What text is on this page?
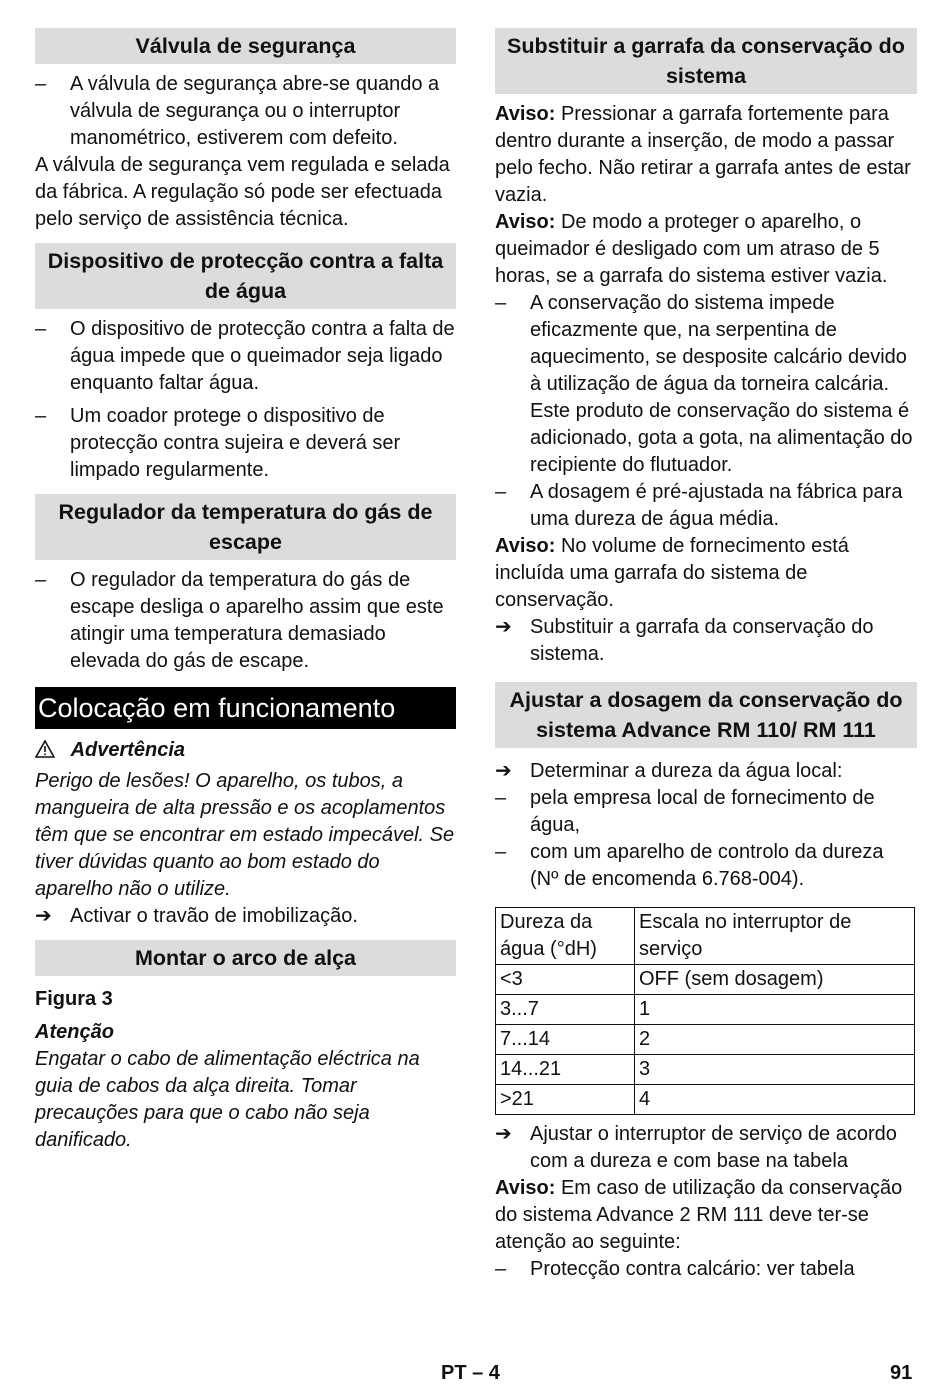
Válvula de segurança
–	A válvula de segurança abre-se quando a válvula de segurança ou o interruptor manométrico, estiverem com defeito.

A válvula de segurança vem regulada e selada da fábrica. A regulação só pode ser efectuada pelo serviço de assistência técnica.

Dispositivo de protecção contra a falta de água
–	O dispositivo de protecção contra a falta de água impede que o queimador seja ligado enquanto faltar água.
–	Um coador protege o dispositivo de protecção contra sujeira e deverá ser limpado regularmente.
Regulador da temperatura do gás de escape
–	O regulador da temperatura do gás de escape desliga o aparelho assim que este atingir uma temperatura demasiado elevada do gás de escape.
Colocação em funcionamento
Advertência

Perigo de lesões! O aparelho, os tubos, a mangueira de alta pressão e os acoplamentos têm que se encontrar em estado impecável. Se tiver dúvidas quanto ao bom estado do aparelho não o utilize.

➔ Activar o travão de imobilização.
Montar o arco de alça

Figura 3

Atenção

Engatar o cabo de alimentação eléctrica na guia de cabos da alça direita. Tomar precauções para que o cabo não seja danificado.

Substituir a garrafa da conservação do sistema

Aviso: Pressionar a garrafa fortemente para dentro durante a inserção, de modo a passar pelo fecho. Não retirar a garrafa antes de estar vazia.

Aviso: De modo a proteger o aparelho, o queimador é desligado com um atraso de 5 horas, se a garrafa do sistema estiver vazia.

–	A conservação do sistema impede eficazmente que, na serpentina de aquecimento, se desposite calcário devido à utilização de água da torneira calcária. Este produto de conservação do sistema é adicionado, gota a gota, na alimentação do recipiente do flutuador.
–	A dosagem é pré-ajustada na fábrica para uma dureza de água média.

Aviso: No volume de fornecimento está incluída uma garrafa do sistema de conservação.

➔ Substituir a garrafa da conservação do sistema.
Ajustar a dosagem da conservação do sistema Advance RM 110/ RM 111
➔ Determinar a dureza da água local:
–	pela empresa local de fornecimento de água,
–	com um aparelho de controlo da dureza (Nº de encomenda 6.768-004).
Dureza da água (°dH)	Escala no interruptor de serviço
<3	OFF (sem dosagem)
3...7	1
7...14	2
14...21	3
>21	4
➔ Ajustar o interruptor de serviço de acordo com a dureza e com base na tabela

Aviso: Em caso de utilização da conservação do sistema Advance 2 RM 111 deve ter-se atenção ao seguinte:

–	Protecção contra calcário: ver tabela
PT – 4	91
